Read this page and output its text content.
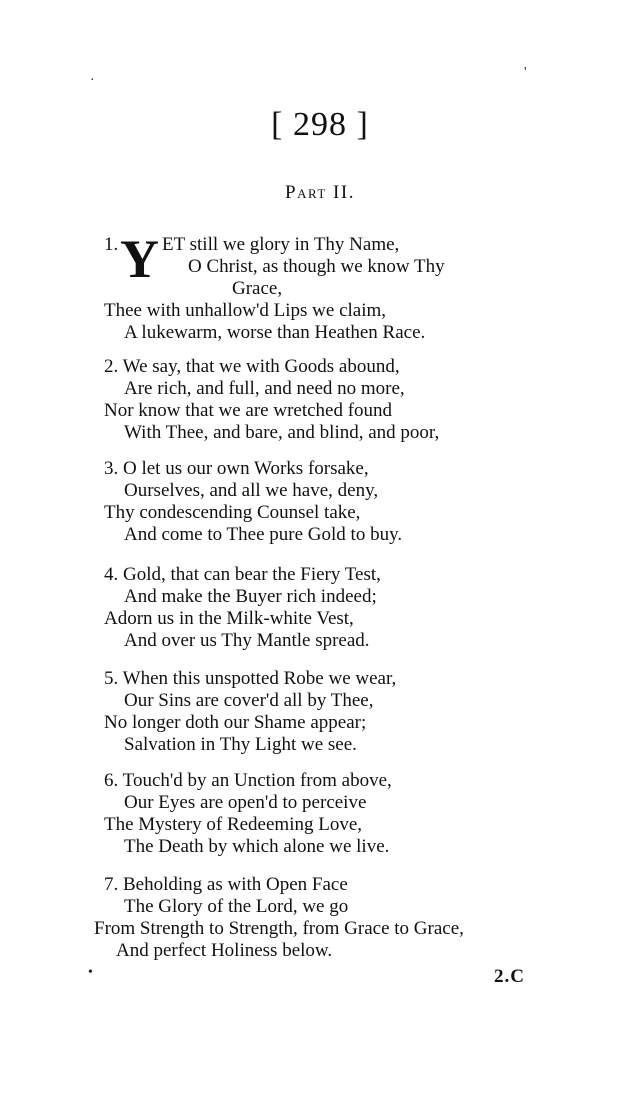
·
'
•
[ 298 ]
Part II.
1. Y ET still we glory in Thy Name,
O Christ, as though we know Thy
Grace,
Thee with unhallow'd Lips we claim,
A lukewarm, worse than Heathen Race.
2. We say, that we with Goods abound,
Are rich, and full, and need no more,
Nor know that we are wretched found
With Thee, and bare, and blind, and poor,
3. O let us our own Works forsake,
Ourselves, and all we have, deny,
Thy condescending Counsel take,
And come to Thee pure Gold to buy.
4. Gold, that can bear the Fiery Test,
And make the Buyer rich indeed;
Adorn us in the Milk-white Vest,
And over us Thy Mantle spread.
5. When this unspotted Robe we wear,
Our Sins are cover'd all by Thee,
No longer doth our Shame appear;
Salvation in Thy Light we see.
6. Touch'd by an Unction from above,
Our Eyes are open'd to perceive
The Mystery of Redeeming Love,
The Death by which alone we live.
7. Beholding as with Open Face
The Glory of the Lord, we go
From Strength to Strength, from Grace to Grace,
And perfect Holiness below.
2.C
